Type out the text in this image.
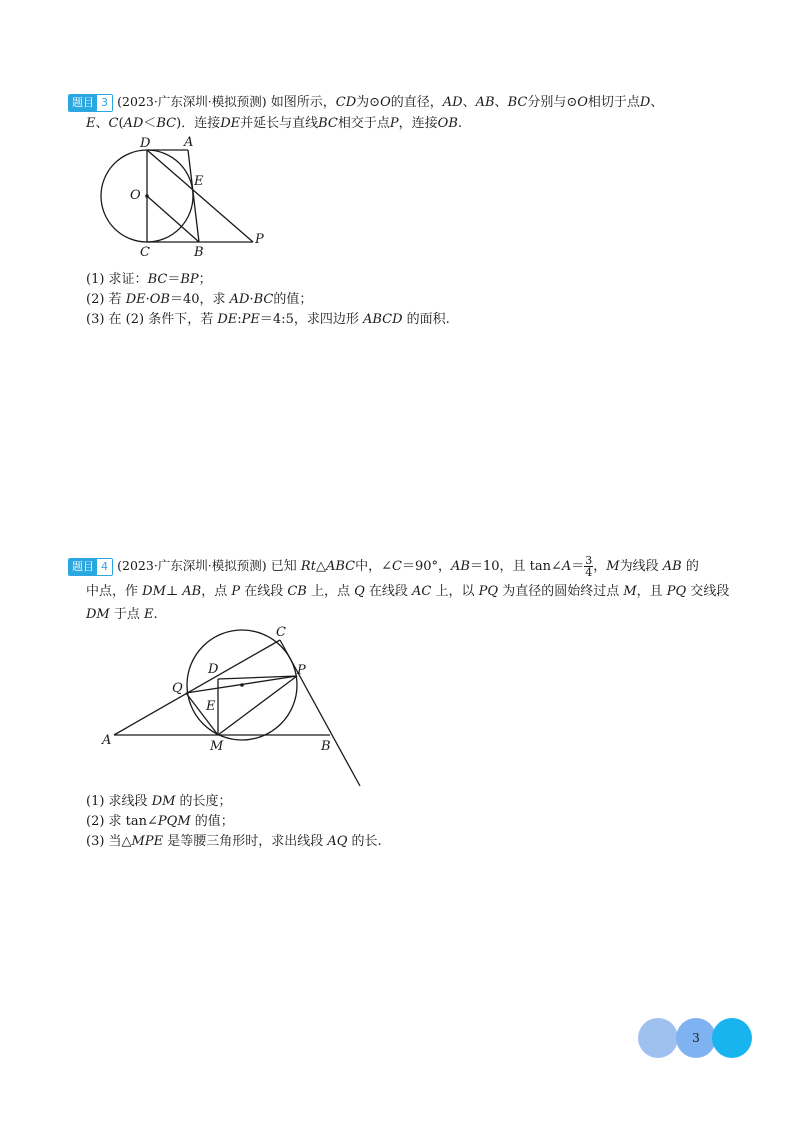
题目 3 (2023·广东深圳·模拟预测) 如图所示，CD为⊙O的直径，AD、AB、BC分别与⊙O相切于点D、
E、C(AD＜BC)．连接DE并延长与直线BC相交于点P，连接OB.
D	A
O
E
C	B
P
(1) 求证：BC＝BP；
(2) 若 DE·OB＝40，求 AD·BC的值；
(3) 在 (2) 条件下，若 DE:PE＝4:5，求四边形 ABCD 的面积.
题目 4 (2023·广东深圳·模拟预测) 已知 Rt△ABC中，∠C＝90°，AB＝10，且 tan∠A＝ $\frac{3}{4}$ ，M为线段 AB 的
中点，作 DM⊥ AB，点 P 在线段 CB 上，点 Q 在线段 AC 上，以 PQ 为直径的圆始终过点 M，且 PQ 交线段
DM 于点 E.
C
D	P
Q
E
A	M	B
(1) 求线段 DM 的长度；
(2) 求 tan∠PQM 的值；
(3) 当△MPE 是等腰三角形时，求出线段 AQ 的长.
3
